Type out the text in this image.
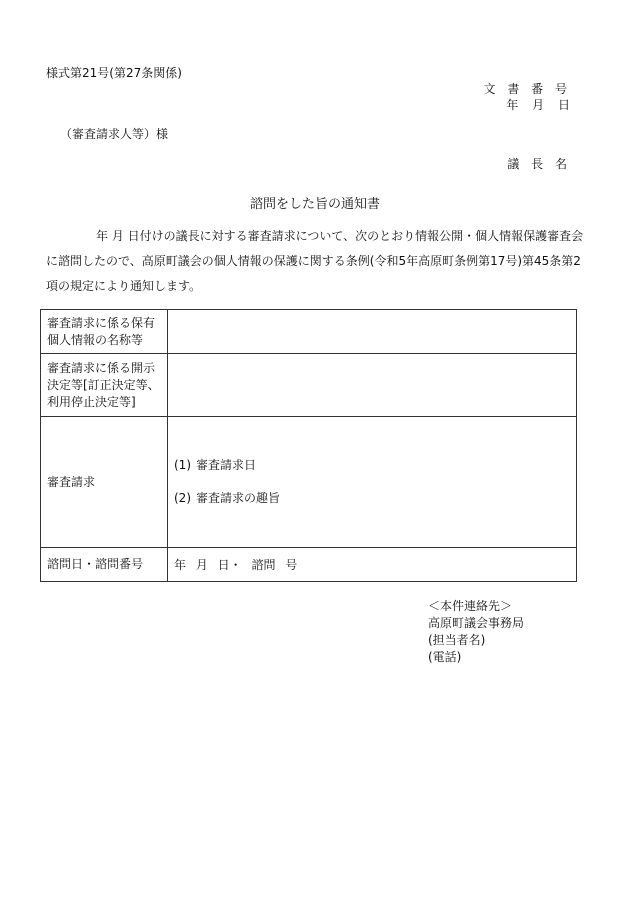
様式第21号(第27条関係)
文 書 番 号
年 月 日
（審査請求人等）様
議 長 名
諮問をした旨の通知書
年 月 日付けの議長に対する審査請求について、次のとおり情報公開・個人情報保護審査会に諮問したので、高原町議会の個人情報の保護に関する条例(令和5年高原町条例第17号)第45条第2項の規定により通知します。
審査請求に係る保有
個人情報の名称等	

審査請求に係る開示
決定等[訂正決定等、
利用停止決定等]	

審査請求	(1) 審査請求日
(2) 審査請求の趣旨

諮問日・諮問番号	年 月 日・ 諮問 号
＜本件連絡先＞
高原町議会事務局
(担当者名)
(電話)
